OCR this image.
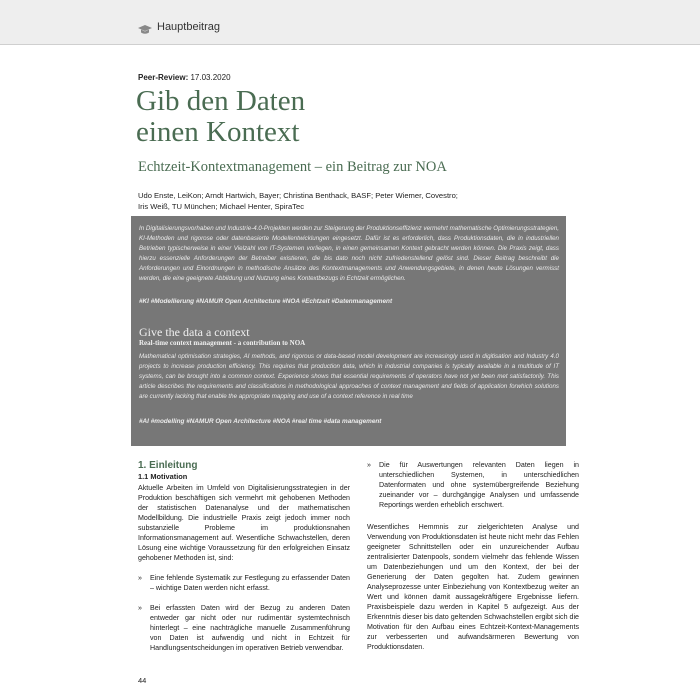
Hauptbeitrag
Peer-Review: 17.03.2020
Gib den Daten
einen Kontext
Echtzeit-Kontextmanagement – ein Beitrag zur NOA
Udo Enste, LeiKon; Arndt Hartwich, Bayer; Christina Benthack, BASF; Peter Wiemer, Covestro;
Iris Weiß, TU München; Michael Henter, SpiraTec
In Digitalisierungsvorhaben und Industrie-4.0-Projekten werden zur Steigerung der Produktionseffizienz vermehrt mathematische Optimierungsstrategien, KI-Methoden und rigorose oder datenbasierte Modellentwicklungen eingesetzt. Dafür ist es erforderlich, dass Produktionsdaten, die in industriellen Betrieben typischerweise in einer Vielzahl von IT-Systemen vorliegen, in einen gemeinsamen Kontext gebracht werden können. Die Praxis zeigt, dass hierzu essenzielle Anforderungen der Betreiber existieren, die bis dato noch nicht zufriedenstellend gelöst sind. Dieser Beitrag beschreibt die Anforderungen und Einordnungen in methodische Ansätze des Kontextmanagements und Anwendungsgebiete, in denen heute Lösungen vermisst werden, die eine geeignete Abbildung und Nutzung eines Kontextbezugs in Echtzeit ermöglichen.
#KI #Modellierung #NAMUR Open Architecture #NOA #Echtzeit #Datenmanagement
Give the data a context
Real-time context management - a contribution to NOA
Mathematical optimisation strategies, AI methods, and rigorous or data-based model development are increasingly used in digitisation and Industry 4.0 projects to increase production efficiency. This requires that production data, which in industrial companies is typically available in a multitude of IT systems, can be brought into a common context. Experience shows that essential requirements of operators have not yet been met satisfactorily. This article describes the requirements and classifications in methodological approaches of context management and fields of application forwhich solutions are currently lacking that enable the appropriate mapping and use of a context reference in real time
#AI #modelling #NAMUR Open Architecture #NOA #real time #data management

1. Einleitung

1.1 Motivation

Aktuelle Arbeiten im Umfeld von Digitalisierungsstrategien in der Produktion beschäftigen sich vermehrt mit gehobenen Methoden der statistischen Datenanalyse und der mathematischen Modellbildung. Die industrielle Praxis zeigt jedoch immer noch substanzielle Probleme im produktionsnahen Informationsmanagement auf. Wesentliche Schwachstellen, deren Lösung eine wichtige Voraussetzung für den erfolgreichen Einsatz gehobener Methoden ist, sind:

» Eine fehlende Systematik zur Festlegung zu erfassender Daten – wichtige Daten werden nicht erfasst.

» Bei erfassten Daten wird der Bezug zu anderen Daten entweder gar nicht oder nur rudimentär systemtechnisch hinterlegt – eine nachträgliche manuelle Zusammenführung von Daten ist aufwendig und nicht in Echtzeit für Handlungsentscheidungen im operativen Betrieb verwendbar.

» Die für Auswertungen relevanten Daten liegen in unterschiedlichen Systemen, in unterschiedlichen Datenformaten und ohne systemübergreifende Beziehung zueinander vor – durchgängige Analysen und umfassende Reportings werden erheblich erschwert.

Wesentliches Hemmnis zur zielgerichteten Analyse und Verwendung von Produktionsdaten ist heute nicht mehr das Fehlen geeigneter Schnittstellen oder ein unzureichender Aufbau zentralisierter Datenpools, sondern vielmehr das fehlende Wissen um Datenbeziehungen und um den Kontext, der bei der Generierung der Daten gegolten hat. Zudem gewinnen Analyseprozesse unter Einbeziehung von Kontextbezug weiter an Wert und können damit aussagekräftigere Ergebnisse liefern. Praxisbeispiele dazu werden in Kapitel 5 aufgezeigt. Aus der Erkenntnis dieser bis dato geltenden Schwachstellen ergibt sich die Motivation für den Aufbau eines Echtzeit-Kontext-Managements zur verbesserten und aufwandsärmeren Bewertung von Produktionsdaten.

44
